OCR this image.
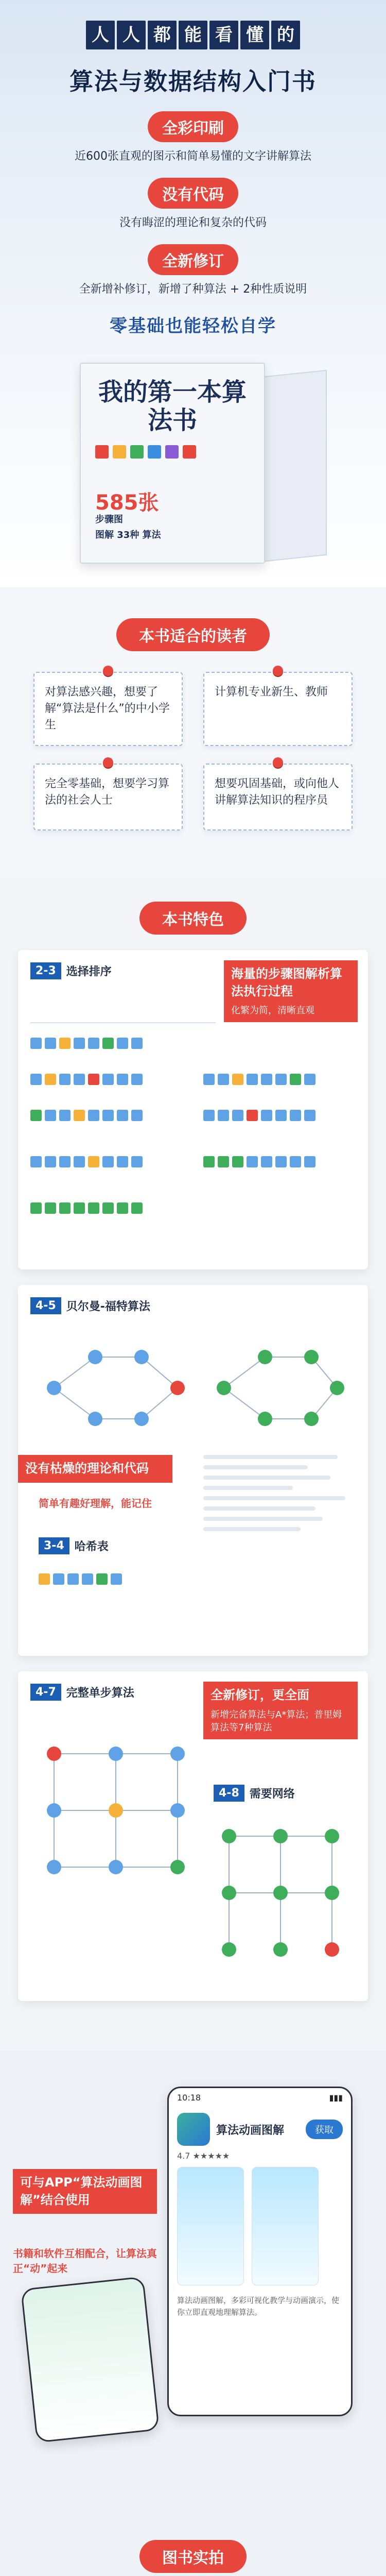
人 人 都 能 看 懂 的
算法与数据结构入门书
全彩印刷
近600张直观的图示和简单易懂的文字讲解算法
没有代码
没有晦涩的理论和复杂的代码
全新修订
全新增补修订，新增了种算法 + 2种性质说明
零基础也能轻松自学
我的第一本算法书
585张
步骤图
图解 33种 算法
本书适合的读者
对算法感兴趣，想要了解“算法是什么”的中小学生
计算机专业新生、教师
完全零基础，想要学习算法的社会人士
想要巩固基础，或向他人讲解算法知识的程序员
本书特色
2-3 选择排序	海量的步骤图解析算法执行过程
化繁为简，清晰直观
4-5 贝尔曼-福特算法
没有枯燥的理论和代码
简单有趣好理解，能记住
3-4 哈希表
4-7 完整单步算法	全新修订，更全面
新增完备算法与A*算法；普里姆算法等7种算法
4-8 需要网络
10:18	▮▮▮
算法动画图解	获取
4.7 ★★★★★

算法动画图解，多彩可视化教学与动画演示，使你立即直观地理解算法。
可与APP“算法动画图解”结合使用
书籍和软件互相配合，让算法真正“动”起来
图书实拍
